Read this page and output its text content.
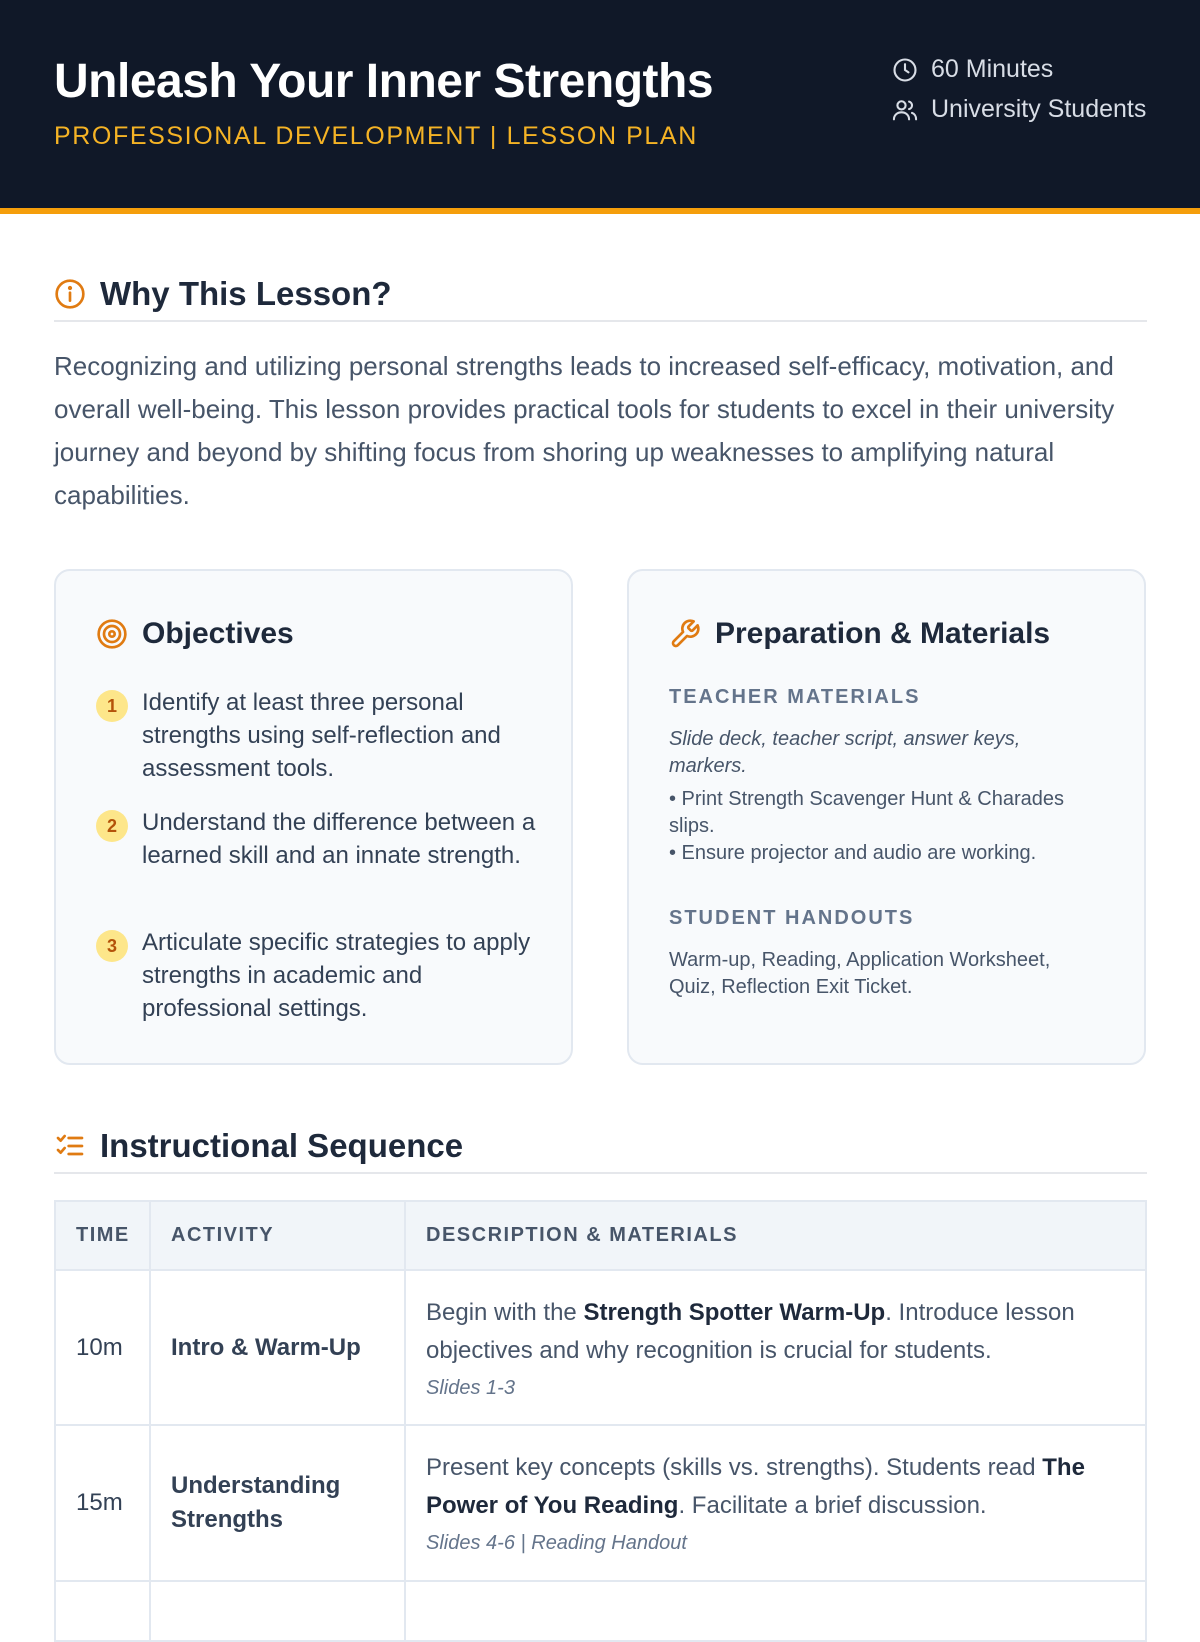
Unleash Your Inner Strengths
PROFESSIONAL DEVELOPMENT | LESSON PLAN
60 Minutes
University Students
Why This Lesson?

Recognizing and utilizing personal strengths leads to increased self-efficacy, motivation, and overall well-being. This lesson provides practical tools for students to excel in their university journey and beyond by shifting focus from shoring up weaknesses to amplifying natural capabilities.

Objectives
1	Identify at least three personal strengths using self-reflection and assessment tools.
2	Understand the difference between a learned skill and an innate strength.
3	Articulate specific strategies to apply strengths in academic and professional settings.
Preparation & Materials
TEACHER MATERIALS
Slide deck, teacher script, answer keys, markers.
• Print Strength Scavenger Hunt & Charades slips.
• Ensure projector and audio are working.
STUDENT HANDOUTS
Warm-up, Reading, Application Worksheet, Quiz, Reflection Exit Ticket.
Instructional Sequence
TIME	ACTIVITY	DESCRIPTION & MATERIALS
10m	Intro & Warm-Up	Begin with the Strength Spotter Warm-Up. Introduce lesson objectives and why recognition is crucial for students.
Slides 1-3

15m	Understanding Strengths	Present key concepts (skills vs. strengths). Students read The Power of You Reading. Facilitate a brief discussion.
Slides 4-6 | Reading Handout
